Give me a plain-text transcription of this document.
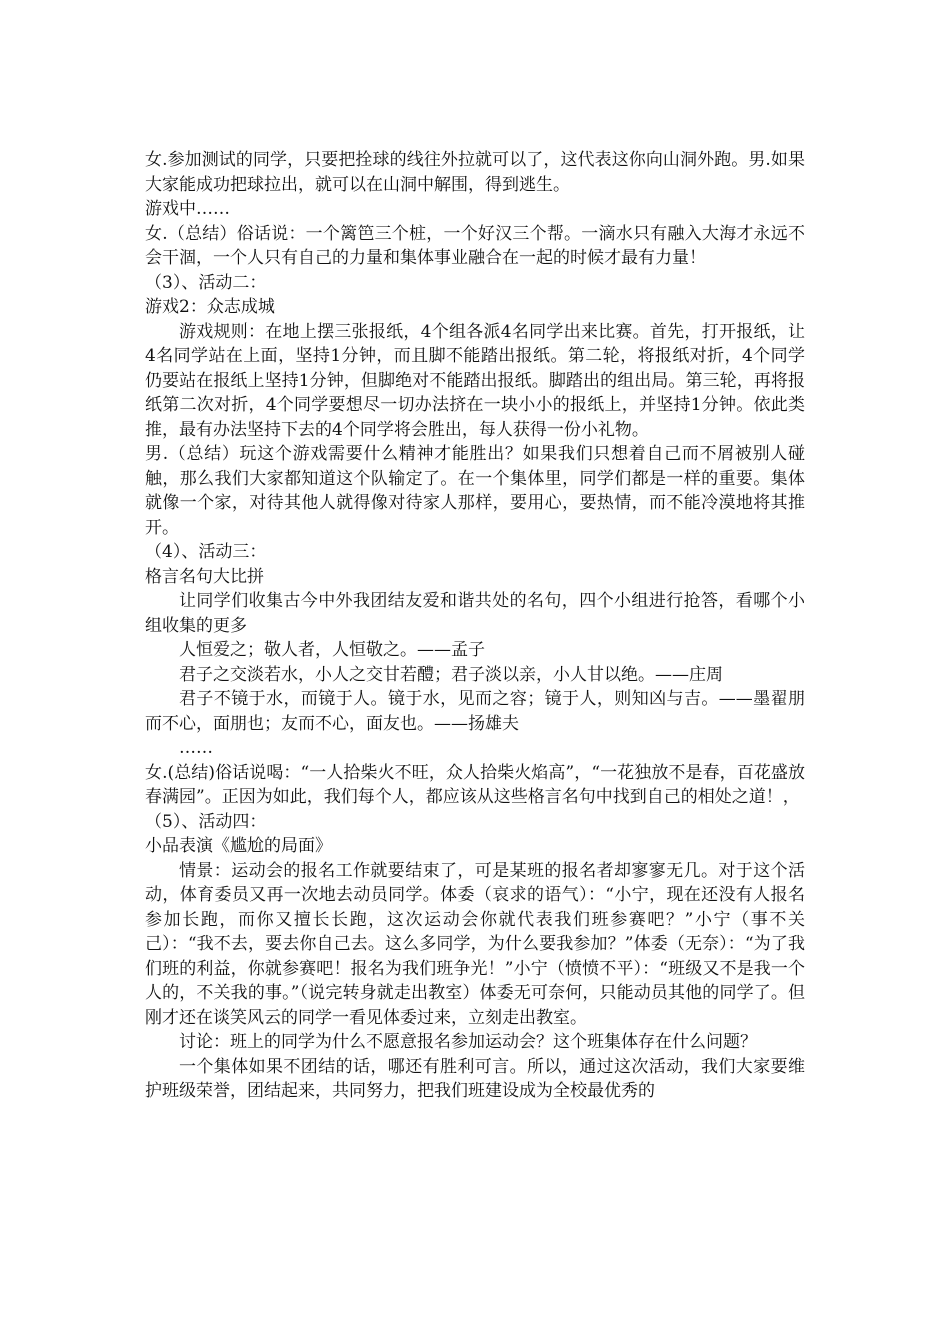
女.参加测试的同学，只要把拴球的线往外拉就可以了，这代表这你向山洞外跑。男.如果大家能成功把球拉出，就可以在山洞中解围，得到逃生。

游戏中……

女.（总结）俗话说：一个篱笆三个桩，一个好汉三个帮。一滴水只有融入大海才永远不会干涸，一个人只有自己的力量和集体事业融合在一起的时候才最有力量！

（3）、活动二：

游戏2：众志成城

游戏规则：在地上摆三张报纸，4个组各派4名同学出来比赛。首先，打开报纸，让4名同学站在上面，坚持1分钟，而且脚不能踏出报纸。第二轮，将报纸对折，4个同学仍要站在报纸上坚持1分钟，但脚绝对不能踏出报纸。脚踏出的组出局。第三轮，再将报纸第二次对折，4个同学要想尽一切办法挤在一块小小的报纸上，并坚持1分钟。依此类推，最有办法坚持下去的4个同学将会胜出，每人获得一份小礼物。

男.（总结）玩这个游戏需要什么精神才能胜出？如果我们只想着自己而不屑被别人碰触，那么我们大家都知道这个队输定了。在一个集体里，同学们都是一样的重要。集体就像一个家，对待其他人就得像对待家人那样，要用心，要热情，而不能冷漠地将其推开。

（4）、活动三：

格言名句大比拼

让同学们收集古今中外我团结友爱和谐共处的名句，四个小组进行抢答，看哪个小组收集的更多

人恒爱之；敬人者，人恒敬之。——孟子

君子之交淡若水，小人之交甘若醴；君子淡以亲，小人甘以绝。——庄周

君子不镜于水，而镜于人。镜于水，见而之容；镜于人，则知凶与吉。——墨翟朋而不心，面朋也；友而不心，面友也。——扬雄夫

……

女.(总结)俗话说喝：“一人拾柴火不旺，众人拾柴火焰高”，“一花独放不是春，百花盛放春满园”。正因为如此，我们每个人，都应该从这些格言名句中找到自己的相处之道！，

（5）、活动四：

小品表演《尴尬的局面》

情景：运动会的报名工作就要结束了，可是某班的报名者却寥寥无几。对于这个活动，体育委员又再一次地去动员同学。体委（哀求的语气）：“小宁，现在还没有人报名参加长跑，而你又擅长长跑，这次运动会你就代表我们班参赛吧？”小宁（事不关己）：“我不去，要去你自己去。这么多同学，为什么要我参加？”体委（无奈）：“为了我们班的利益，你就参赛吧！报名为我们班争光！”小宁（愤愤不平）：“班级又不是我一个人的，不关我的事。”（说完转身就走出教室）体委无可奈何，只能动员其他的同学了。但刚才还在谈笑风云的同学一看见体委过来，立刻走出教室。

讨论：班上的同学为什么不愿意报名参加运动会？这个班集体存在什么问题？

一个集体如果不团结的话，哪还有胜利可言。所以，通过这次活动，我们大家要维护班级荣誉，团结起来，共同努力，把我们班建设成为全校最优秀的
